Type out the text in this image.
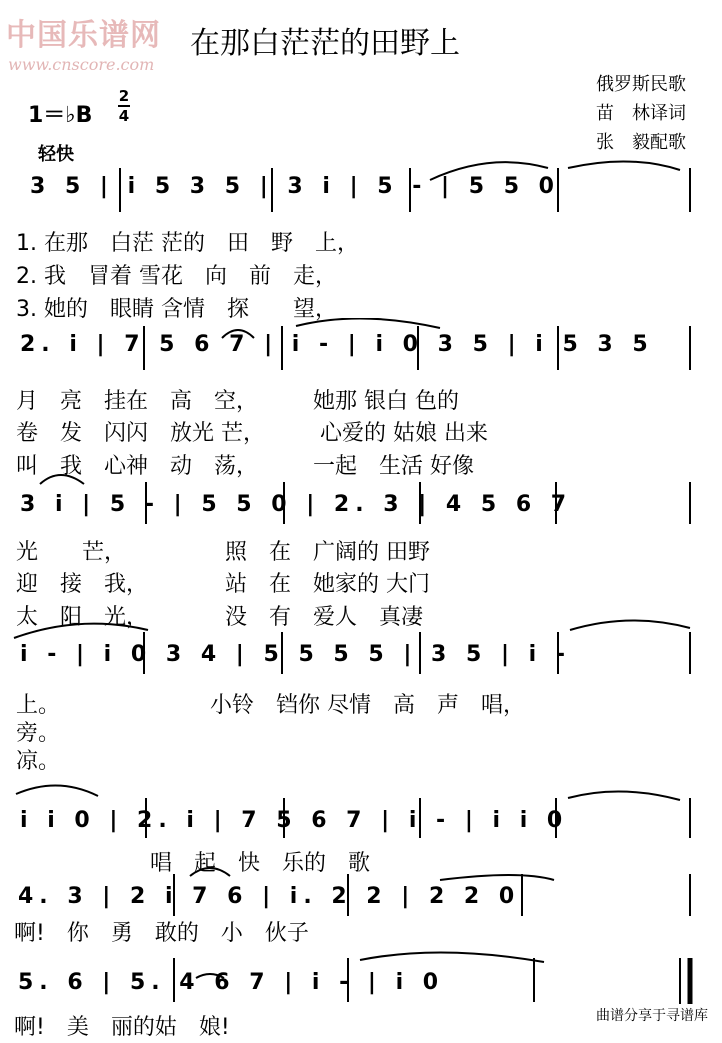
中国乐谱网
www.cnscore.com
在那白茫茫的田野上
俄罗斯民歌
苗　林译词
张　毅配歌
1＝♭B
2
4
轻快
3 5 | i 5 3 5 | 3 i | 5 - | 5 5 0
1. 在那　白茫 茫的　田　野　上，
2. 我　冒着 雪花　向　前　走，
3. 她的　眼睛 含情　探　　望，
2. i | 7 5 6 7 | i - | i 0 3 5 | i 5 3 5
月　亮　挂在　高　空，　　　她那 银白 色的
卷　发　闪闪　放光 芒，　　　心爱的 姑娘 出来
叫　我　心神　动　荡，　　　一起　生活 好像
3 i | 5 - | 5 5 0 | 2. 3 | 4 5 6 7
光　　芒，　　　　　照　在　广阔的 田野
迎　接　我，　　　　站　在　她家的 大门
太　阳　光，　　　　没　有　爱人　真凄
i - | i 0 3 4 | 5 5 5 5 | 3 5 | i -
上。
旁。
凉。
小铃　铛你 尽情　高　声　唱，
i i 0 | 2. i | 7 5 6 7 | i - | i i 0
唱　起　快　乐的　歌
4. 3 | 2 i 7 6 | i. 2 2 | 2 2 0
啊!　你　勇　敢的　小　伙子
5. 6 | 5. 4 6 7 | i - | i 0
啊!　美　丽的姑　娘!	曲谱分享于寻谱库
